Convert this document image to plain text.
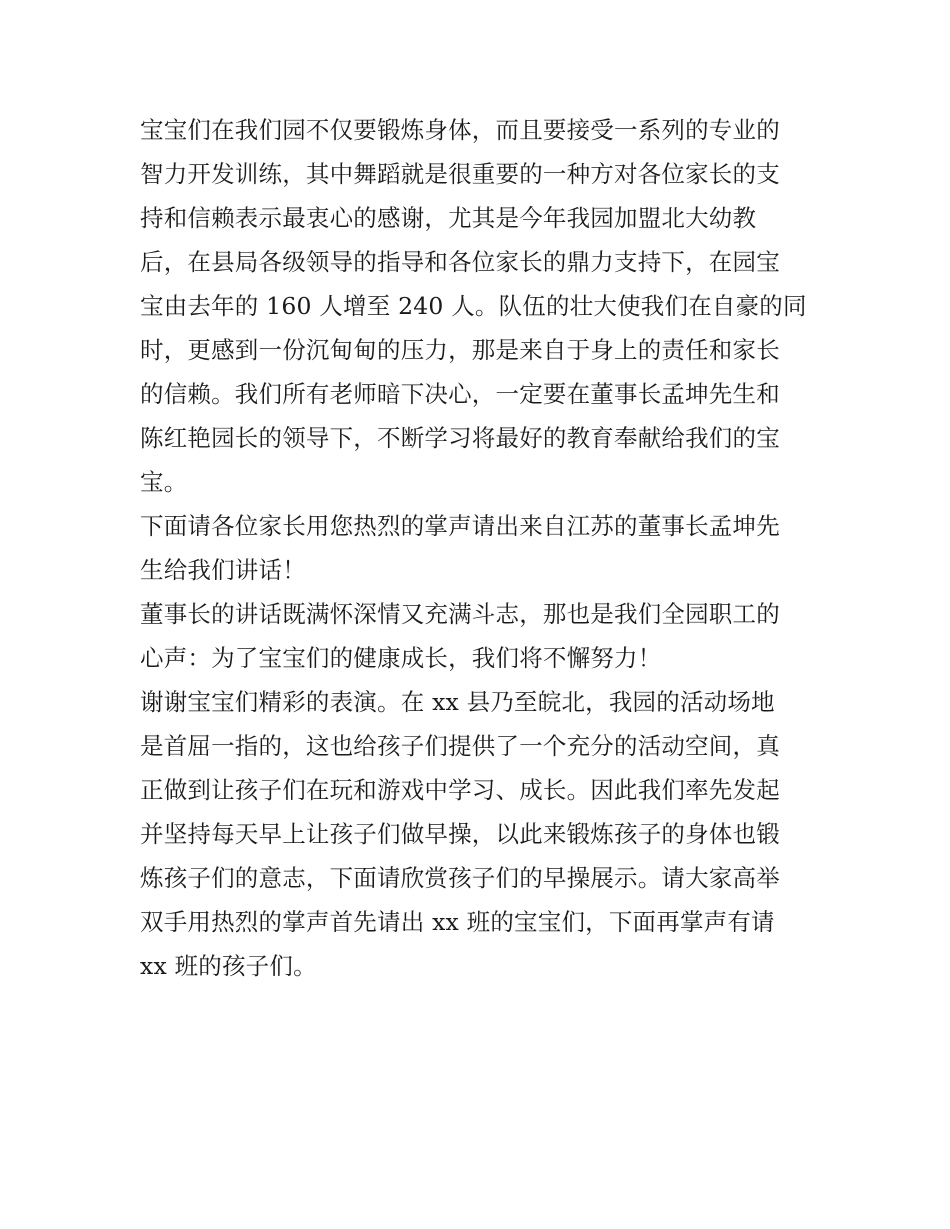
宝宝们在我们园不仅要锻炼身体，而且要接受一系列的专业的
智力开发训练，其中舞蹈就是很重要的一种方对各位家长的支
持和信赖表示最衷心的感谢，尤其是今年我园加盟北大幼教
后，在县局各级领导的指导和各位家长的鼎力支持下，在园宝
宝由去年的 160 人增至 240 人。队伍的壮大使我们在自豪的同
时，更感到一份沉甸甸的压力，那是来自于身上的责任和家长
的信赖。我们所有老师暗下决心，一定要在董事长孟坤先生和
陈红艳园长的领导下，不断学习将最好的教育奉献给我们的宝
宝。
下面请各位家长用您热烈的掌声请出来自江苏的董事长孟坤先
生给我们讲话！
董事长的讲话既满怀深情又充满斗志，那也是我们全园职工的
心声：为了宝宝们的健康成长，我们将不懈努力！
谢谢宝宝们精彩的表演。在 xx 县乃至皖北，我园的活动场地
是首屈一指的，这也给孩子们提供了一个充分的活动空间，真
正做到让孩子们在玩和游戏中学习、成长。因此我们率先发起
并坚持每天早上让孩子们做早操，以此来锻炼孩子的身体也锻
炼孩子们的意志，下面请欣赏孩子们的早操展示。请大家高举
双手用热烈的掌声首先请出 xx 班的宝宝们，下面再掌声有请
xx 班的孩子们。
